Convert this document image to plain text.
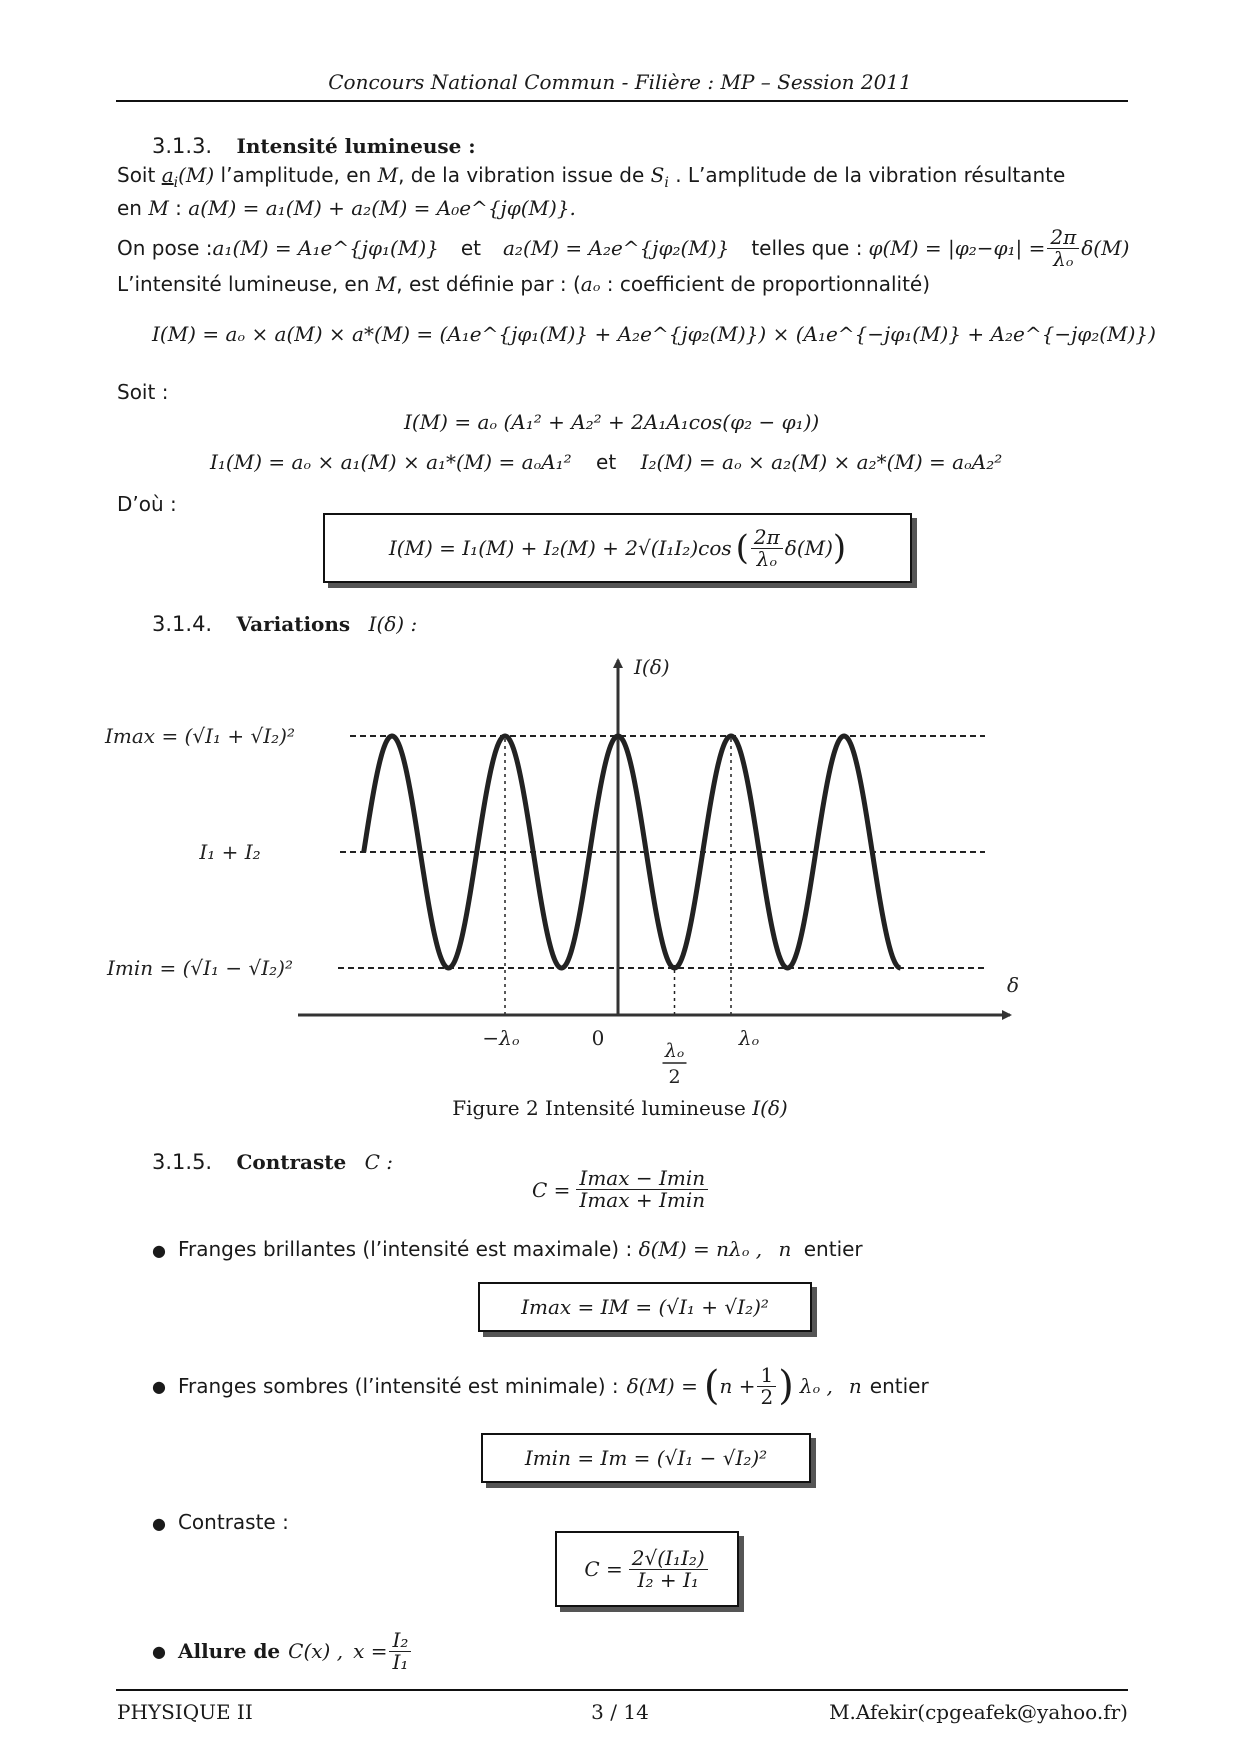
Concours National Commun - Filière : MP – Session 2011
3.1.3. Intensité lumineuse :
Soit $a_i(M)$ l’amplitude, en M, de la vibration issue de $S_i$ . L’amplitude de la vibration résultante
en M : a(M) = a₁(M) + a₂(M) = A₀e^{jφ(M)}.
On pose : a₁(M) = A₁e^{jφ₁(M)} et a₂(M) = A₂e^{jφ₂(M)} telles que : $\varphi(M) = |\varphi_2-\varphi_1| = \frac{2\pi}{\text{λₒ}} \delta(M)$
L’intensité lumineuse, en M, est définie par : (aₒ : coefficient de proportionnalité)
I(M) = aₒ × a(M) × a*(M) = (A₁e^{jφ₁(M)} + A₂e^{jφ₂(M)}) × (A₁e^{−jφ₁(M)} + A₂e^{−jφ₂(M)})
Soit :
I(M) = aₒ (A₁² + A₂² + 2A₁A₁cos(φ₂ − φ₁))
I₁(M) = aₒ × a₁(M) × a₁*(M) = aₒA₁² et I₂(M) = aₒ × a₂(M) × a₂*(M) = aₒA₂²
D’où :
I(M) = I₁(M) + I₂(M) + 2√(I₁I₂)cos ( $\frac{2\pi}{\text{λₒ}} \delta(M)$ )
3.1.4. Variations I(δ) :
Imax = (√I₁ + √I₂)²
I₁ + I₂
Imin = (√I₁ − √I₂)²
I(δ)
δ
−λₒ	0
λₒ
2
λₒ
Figure 2 Intensité lumineuse I(δ)
3.1.5. Contraste C :
$C = \frac{Imax - Imin}{Imax + Imin}$
● Franges brillantes (l’intensité est maximale) : δ(M) = nλₒ , n entier
Imax = IM = (√I₁ + √I₂)²
● Franges sombres (l’intensité est minimale) : δ(M) = ( $n + \frac{1}{2}$ ) λₒ , n entier
Imin = Im = (√I₁ − √I₂)²
● Contraste :
$C = \frac{\text{2√(I₁I₂)}}{\text{I₂ + I₁}}$
● Allure de C(x) , $x = \frac{\text{I₂}}{\text{I₁}}$
PHYSIQUE II	3 / 14	M.Afekir(cpgeafek@yahoo.fr)
